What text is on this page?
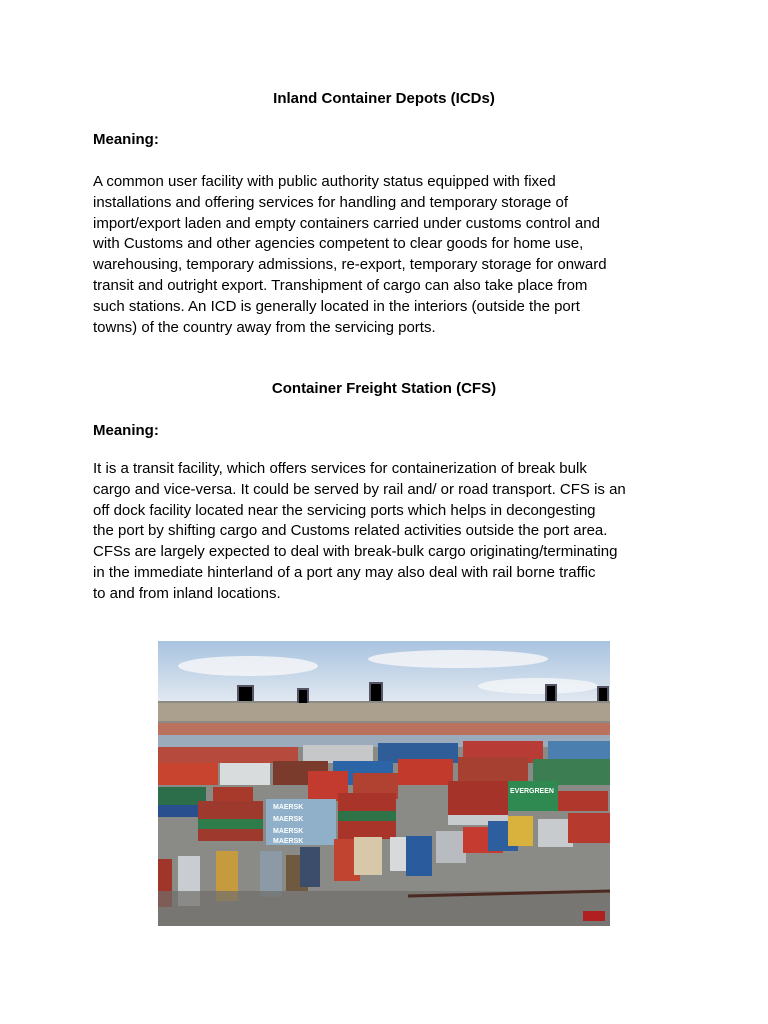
Inland Container Depots (ICDs)
Meaning:
A common user facility with public authority status equipped with fixed
installations and offering services for handling and temporary storage of
import/export laden and empty containers carried under customs control and
with Customs and other agencies competent to clear goods for home use,
warehousing, temporary admissions, re-export, temporary storage for onward
transit and outright export. Transhipment of cargo can also take place from
such stations. An ICD is generally located in the interiors (outside the port
towns) of the country away from the servicing ports.
Container Freight Station (CFS)
Meaning:
It is a transit facility, which offers services for containerization of break bulk
cargo and vice-versa. It could be served by rail and/ or road transport. CFS is an
off dock facility located near the servicing ports which helps in decongesting
the port by shifting cargo and Customs related activities outside the port area.
CFSs are largely expected to deal with break-bulk cargo originating/terminating
in the immediate hinterland of a port any may also deal with rail borne traffic
to and from inland locations.
MAERSK
MAERSK
MAERSK
MAERSK
EVERGREEN
